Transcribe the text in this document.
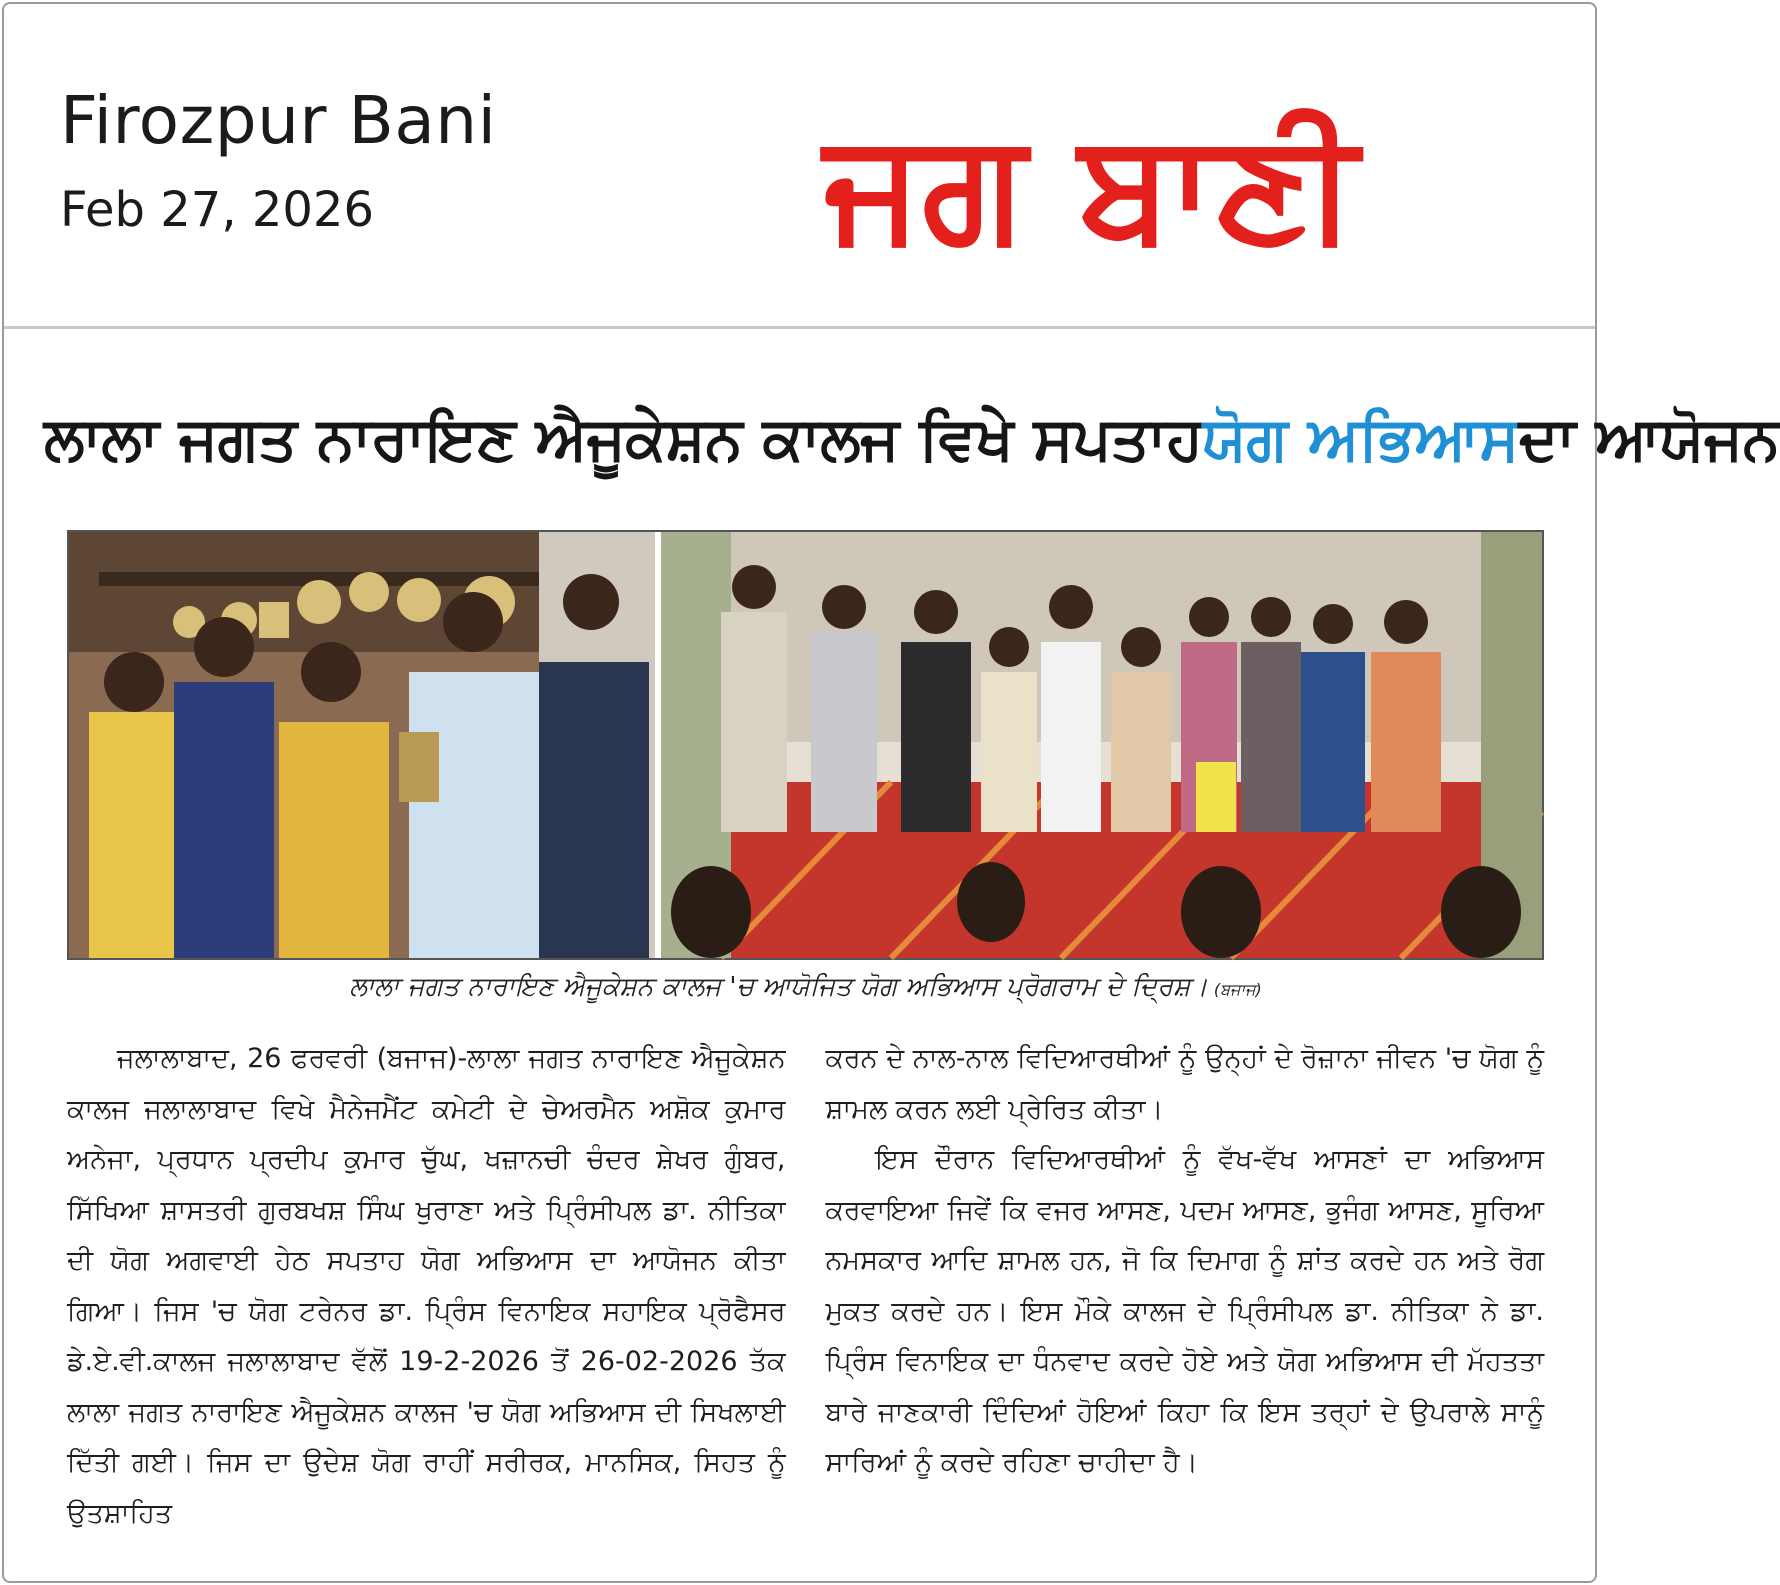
Firozpur Bani
Feb 27, 2026	ਜਗ ਬਾਣੀ
ਲਾਲਾ ਜਗਤ ਨਾਰਾਇਣ ਐਜੂਕੇਸ਼ਨ ਕਾਲਜ ਵਿਖੇ ਸਪਤਾਹ ਯੋਗ ਅਭਿਆਸ ਦਾ ਆਯੋਜਨ
ਲਾਲਾ ਜਗਤ ਨਾਰਾਇਣ ਐਜੂਕੇਸ਼ਨ ਕਾਲਜ 'ਚ ਆਯੋਜਿਤ ਯੋਗ ਅਭਿਆਸ ਪ੍ਰੋਗਰਾਮ ਦੇ ਦ੍ਰਿਸ਼। (ਬਜਾਜ)

ਜਲਾਲਾਬਾਦ, 26 ਫਰਵਰੀ (ਬਜਾਜ)-ਲਾਲਾ ਜਗਤ ਨਾਰਾਇਣ ਐਜੂਕੇਸ਼ਨ ਕਾਲਜ ਜਲਾਲਾਬਾਦ ਵਿਖੇ ਮੈਨੇਜਮੈਂਟ ਕਮੇਟੀ ਦੇ ਚੇਅਰਮੈਨ ਅਸ਼ੋਕ ਕੁਮਾਰ ਅਨੇਜਾ, ਪ੍ਰਧਾਨ ਪ੍ਰਦੀਪ ਕੁਮਾਰ ਚੁੱਘ, ਖਜ਼ਾਨਚੀ ਚੰਦਰ ਸ਼ੇਖਰ ਗੁੰਬਰ, ਸਿੱਖਿਆ ਸ਼ਾਸਤਰੀ ਗੁਰਬਖਸ਼ ਸਿੰਘ ਖੁਰਾਣਾ ਅਤੇ ਪ੍ਰਿੰਸੀਪਲ ਡਾ. ਨੀਤਿਕਾ ਦੀ ਯੋਗ ਅਗਵਾਈ ਹੇਠ ਸਪਤਾਹ ਯੋਗ ਅਭਿਆਸ ਦਾ ਆਯੋਜਨ ਕੀਤਾ ਗਿਆ। ਜਿਸ 'ਚ ਯੋਗ ਟਰੇਨਰ ਡਾ. ਪ੍ਰਿੰਸ ਵਿਨਾਇਕ ਸਹਾਇਕ ਪ੍ਰੋਫੈਸਰ ਡੇ.ਏ.ਵੀ.ਕਾਲਜ ਜਲਾਲਾਬਾਦ ਵੱਲੋਂ 19-2-2026 ਤੋਂ 26-02-2026 ਤੱਕ ਲਾਲਾ ਜਗਤ ਨਾਰਾਇਣ ਐਜੂਕੇਸ਼ਨ ਕਾਲਜ 'ਚ ਯੋਗ ਅਭਿਆਸ ਦੀ ਸਿਖਲਾਈ ਦਿੱਤੀ ਗਈ। ਜਿਸ ਦਾ ਉਦੇਸ਼ ਯੋਗ ਰਾਹੀਂ ਸਰੀਰਕ, ਮਾਨਸਿਕ, ਸਿਹਤ ਨੂੰ ਉਤਸ਼ਾਹਿਤ

ਕਰਨ ਦੇ ਨਾਲ-ਨਾਲ ਵਿਦਿਆਰਥੀਆਂ ਨੂੰ ਉਨ੍ਹਾਂ ਦੇ ਰੋਜ਼ਾਨਾ ਜੀਵਨ 'ਚ ਯੋਗ ਨੂੰ ਸ਼ਾਮਲ ਕਰਨ ਲਈ ਪ੍ਰੇਰਿਤ ਕੀਤਾ।

ਇਸ ਦੌਰਾਨ ਵਿਦਿਆਰਥੀਆਂ ਨੂੰ ਵੱਖ-ਵੱਖ ਆਸਣਾਂ ਦਾ ਅਭਿਆਸ ਕਰਵਾਇਆ ਜਿਵੇਂ ਕਿ ਵਜਰ ਆਸਣ, ਪਦਮ ਆਸਣ, ਭੁਜੰਗ ਆਸਣ, ਸੂਰਿਆ ਨਮਸਕਾਰ ਆਦਿ ਸ਼ਾਮਲ ਹਨ, ਜੋ ਕਿ ਦਿਮਾਗ ਨੂੰ ਸ਼ਾਂਤ ਕਰਦੇ ਹਨ ਅਤੇ ਰੋਗ ਮੁਕਤ ਕਰਦੇ ਹਨ। ਇਸ ਮੌਕੇ ਕਾਲਜ ਦੇ ਪ੍ਰਿੰਸੀਪਲ ਡਾ. ਨੀਤਿਕਾ ਨੇ ਡਾ. ਪ੍ਰਿੰਸ ਵਿਨਾਇਕ ਦਾ ਧੰਨਵਾਦ ਕਰਦੇ ਹੋਏ ਅਤੇ ਯੋਗ ਅਭਿਆਸ ਦੀ ਮੱਹਤਤਾ ਬਾਰੇ ਜਾਣਕਾਰੀ ਦਿੰਦਿਆਂ ਹੋਇਆਂ ਕਿਹਾ ਕਿ ਇਸ ਤਰ੍ਹਾਂ ਦੇ ਉਪਰਾਲੇ ਸਾਨੂੰ ਸਾਰਿਆਂ ਨੂੰ ਕਰਦੇ ਰਹਿਣਾ ਚਾਹੀਦਾ ਹੈ।
